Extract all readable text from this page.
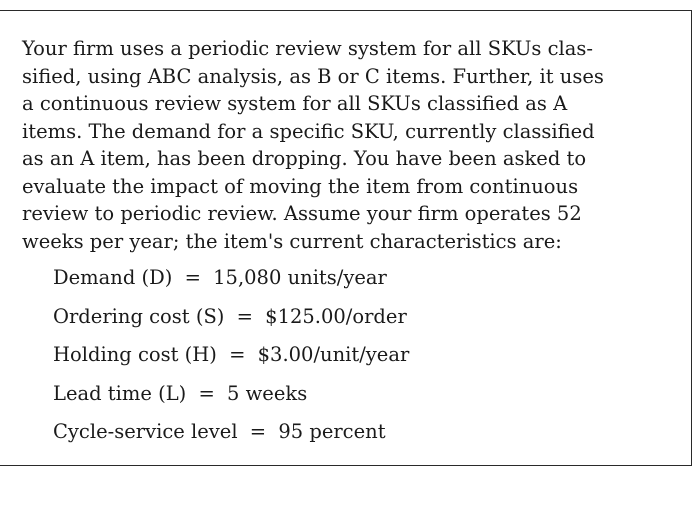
Your firm uses a periodic review system for all SKUs clas-
sified, using ABC analysis, as B or C items. Further, it uses
a continuous review system for all SKUs classified as A
items. The demand for a specific SKU, currently classified
as an A item, has been dropping. You have been asked to
evaluate the impact of moving the item from continuous
review to periodic review. Assume your firm operates 52
weeks per year; the item's current characteristics are:

Demand (D) = 15,080 units/year
Ordering cost (S) = $125.00/order
Holding cost (H) = $3.00/unit/year
Lead time (L) = 5 weeks
Cycle-service level = 95 percent
